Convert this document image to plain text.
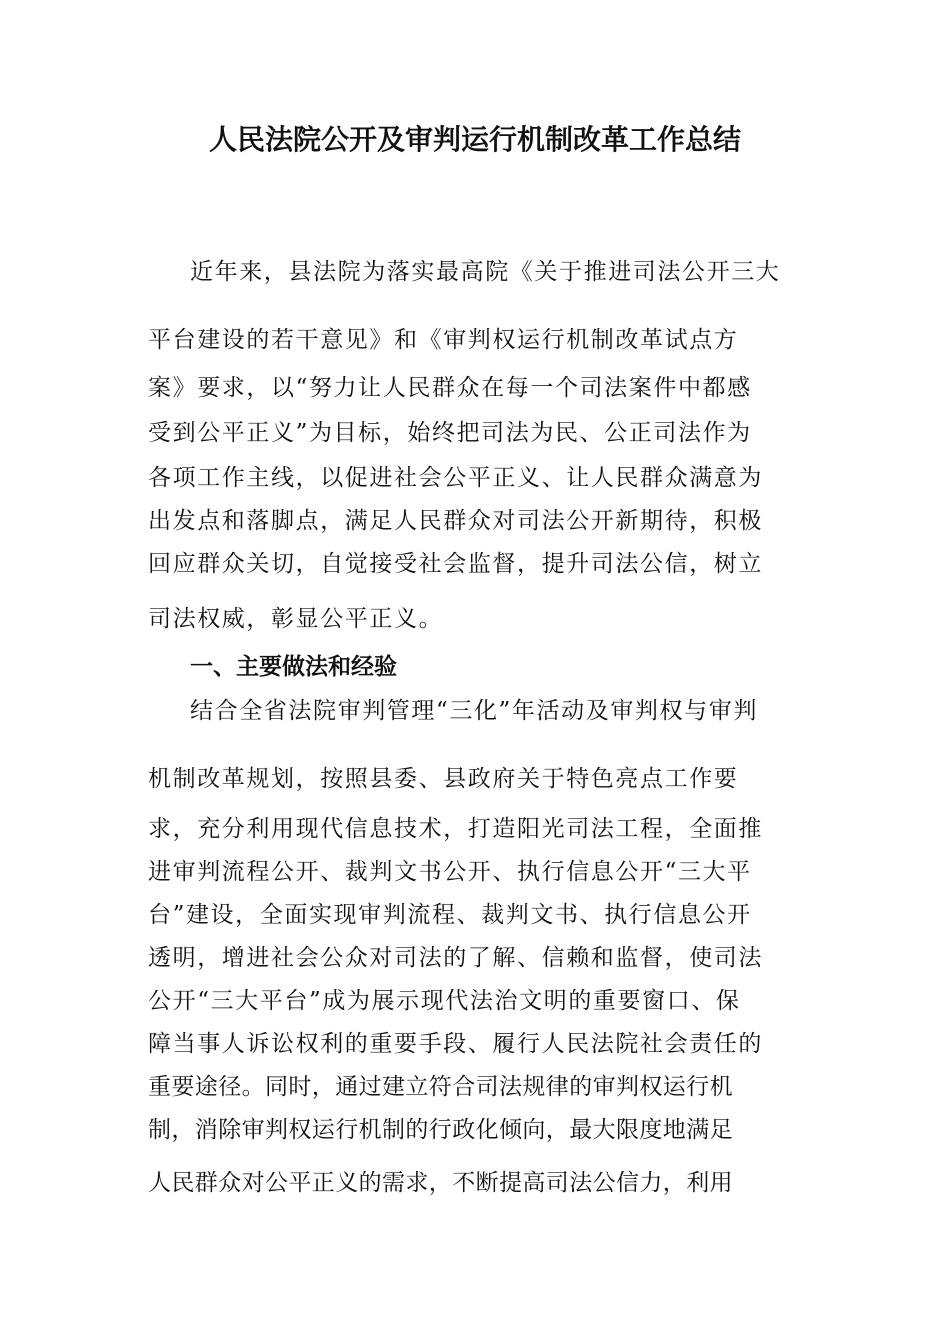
人民法院公开及审判运行机制改革工作总结
近年来，县法院为落实最高院《关于推进司法公开三大
平台建设的若干意见》和《审判权运行机制改革试点方
案》要求，以“努力让人民群众在每一个司法案件中都感
受到公平正义”为目标，始终把司法为民、公正司法作为
各项工作主线，以促进社会公平正义、让人民群众满意为
出发点和落脚点，满足人民群众对司法公开新期待，积极
回应群众关切，自觉接受社会监督，提升司法公信，树立
司法权威，彰显公平正义。
一、主要做法和经验
结合全省法院审判管理“三化”年活动及审判权与审判
机制改革规划，按照县委、县政府关于特色亮点工作要
求，充分利用现代信息技术，打造阳光司法工程，全面推
进审判流程公开、裁判文书公开、执行信息公开“三大平
台”建设，全面实现审判流程、裁判文书、执行信息公开
透明，增进社会公众对司法的了解、信赖和监督，使司法
公开“三大平台”成为展示现代法治文明的重要窗口、保
障当事人诉讼权利的重要手段、履行人民法院社会责任的
重要途径。同时，通过建立符合司法规律的审判权运行机
制，消除审判权运行机制的行政化倾向，最大限度地满足
人民群众对公平正义的需求，不断提高司法公信力，利用
